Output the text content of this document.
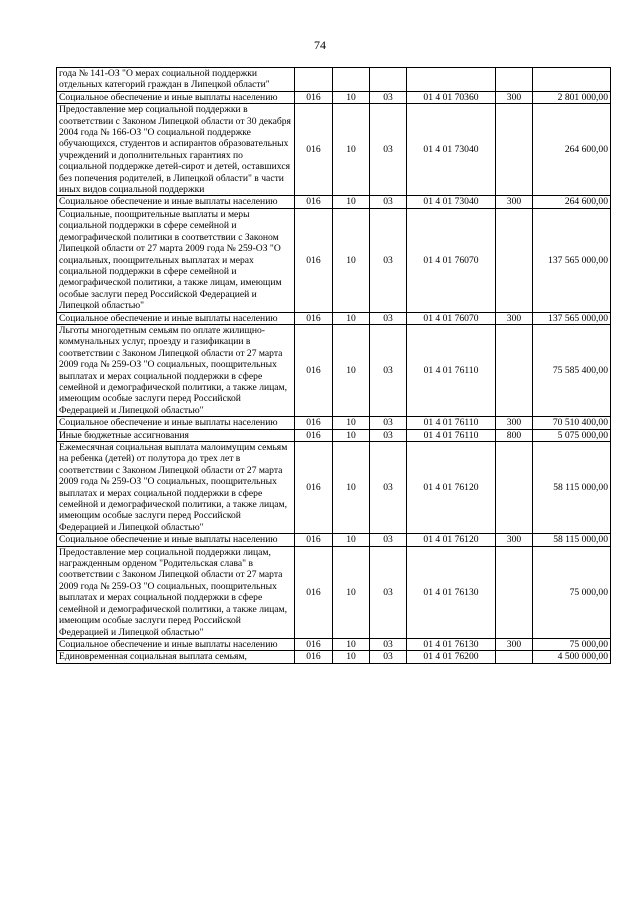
74
года № 141-ОЗ "О мерах социальной поддержки отдельных категорий граждан в Липецкой области"						
Социальное обеспечение и иные выплаты населению	016	10	03	01 4 01 70360	300	2 801 000,00
Предоставление мер социальной поддержки в соответствии с Законом Липецкой области от 30 декабря 2004 года № 166-ОЗ "О социальной поддержке обучающихся, студентов и аспирантов образовательных учреждений и дополнительных гарантиях по социальной поддержке детей-сирот и детей, оставшихся без попечения родителей, в Липецкой области" в части иных видов социальной поддержки	016	10	03	01 4 01 73040		264 600,00
Социальное обеспечение и иные выплаты населению	016	10	03	01 4 01 73040	300	264 600,00
Социальные, поощрительные выплаты и меры социальной поддержки в сфере семейной и демографической политики в соответствии с Законом Липецкой области от 27 марта 2009 года № 259-ОЗ "О социальных, поощрительных выплатах и мерах социальной поддержки в сфере семейной и демографической политики, а также лицам, имеющим особые заслуги перед Российской Федерацией и Липецкой областью"	016	10	03	01 4 01 76070		137 565 000,00
Социальное обеспечение и иные выплаты населению	016	10	03	01 4 01 76070	300	137 565 000,00
Льготы многодетным семьям по оплате жилищно-коммунальных услуг, проезду и газификации в соответствии с Законом Липецкой области от 27 марта 2009 года № 259-ОЗ "О социальных, поощрительных выплатах и мерах социальной поддержки в сфере семейной и демографической политики, а также лицам, имеющим особые заслуги перед Российской Федерацией и Липецкой областью"	016	10	03	01 4 01 76110		75 585 400,00
Социальное обеспечение и иные выплаты населению	016	10	03	01 4 01 76110	300	70 510 400,00
Иные бюджетные ассигнования	016	10	03	01 4 01 76110	800	5 075 000,00
Ежемесячная социальная выплата малоимущим семьям на ребенка (детей) от полутора до трех лет в соответствии с Законом Липецкой области от 27 марта 2009 года № 259-ОЗ "О социальных, поощрительных выплатах и мерах социальной поддержки в сфере семейной и демографической политики, а также лицам, имеющим особые заслуги перед Российской Федерацией и Липецкой областью"	016	10	03	01 4 01 76120		58 115 000,00
Социальное обеспечение и иные выплаты населению	016	10	03	01 4 01 76120	300	58 115 000,00
Предоставление мер социальной поддержки лицам, награжденным орденом "Родительская слава" в соответствии с Законом Липецкой области от 27 марта 2009 года № 259-ОЗ "О социальных, поощрительных выплатах и мерах социальной поддержки в сфере семейной и демографической политики, а также лицам, имеющим особые заслуги перед Российской Федерацией и Липецкой областью"	016	10	03	01 4 01 76130		75 000,00
Социальное обеспечение и иные выплаты населению	016	10	03	01 4 01 76130	300	75 000,00
Единовременная социальная выплата семьям,	016	10	03	01 4 01 76200		4 500 000,00
